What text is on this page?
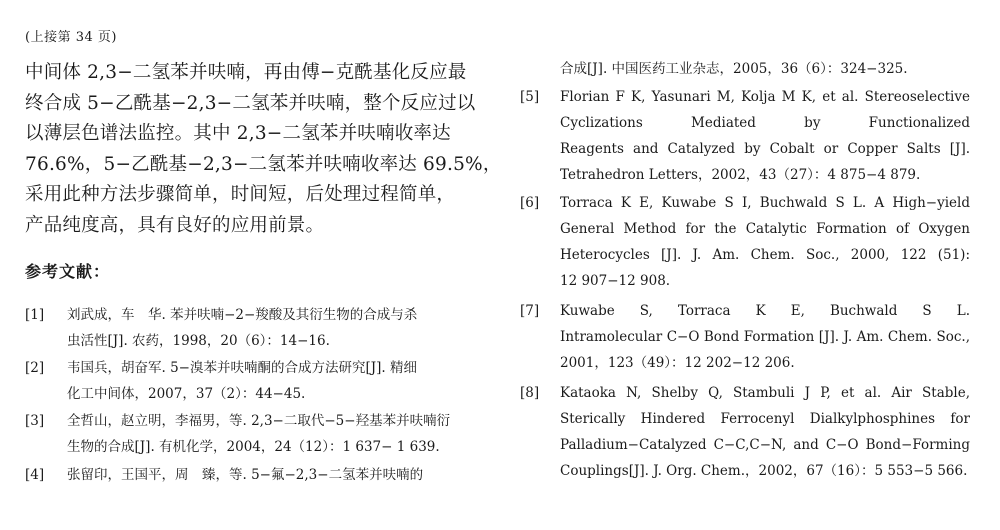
(上接第 34 页)
中间体 2,3−二氢苯并呋喃，再由傅−克酰基化反应最
终合成 5−乙酰基−2,3−二氢苯并呋喃，整个反应过以
以薄层色谱法监控。其中 2,3−二氢苯并呋喃收率达
76.6%，5−乙酰基−2,3−二氢苯并呋喃收率达 69.5%，
采用此种方法步骤简单，时间短，后处理过程简单，
产品纯度高，具有良好的应用前景。
参考文献：
[1] 刘武成，车　华. 苯并呋喃−2−羧酸及其衍生物的合成与杀
虫活性[J]. 农药，1998，20（6）：14−16.
[2] 韦国兵，胡奋军. 5−溴苯并呋喃酮的合成方法研究[J]. 精细
化工中间体，2007，37（2）：44−45.
[3] 全哲山，赵立明，李福男，等. 2,3−二取代−5−羟基苯并呋喃衍
生物的合成[J]. 有机化学，2004，24（12）：1 637− 1 639.
[4] 张留印，王国平，周　臻，等. 5−氟−2,3−二氢苯并呋喃的
合成[J]. 中国医药工业杂志，2005，36（6）：324−325.
[5] Florian F K, Yasunari M, Kolja M K, et al. Stereoselective
Cyclizations Mediated by Functionalized
Reagents and Catalyzed by Cobalt or Copper Salts [J].
Tetrahedron Letters，2002，43（27）：4 875−4 879.
[6] Torraca K E, Kuwabe S I, Buchwald S L. A High−yield
General Method for the Catalytic Formation of Oxygen
Heterocycles [J]. J. Am. Chem. Soc., 2000, 122 (51):
12 907−12 908.
[7] Kuwabe S, Torraca K E, Buchwald S L.
Intramolecular C−O Bond Formation [J]. J. Am. Chem. Soc.,
2001，123（49）：12 202−12 206.
[8] Kataoka N, Shelby Q, Stambuli J P, et al. Air Stable,
Sterically Hindered Ferrocenyl Dialkylphosphines for
Palladium−Catalyzed C−C,C−N, and C−O Bond−Forming
Couplings[J]. J. Org. Chem.，2002，67（16）：5 553−5 566.
